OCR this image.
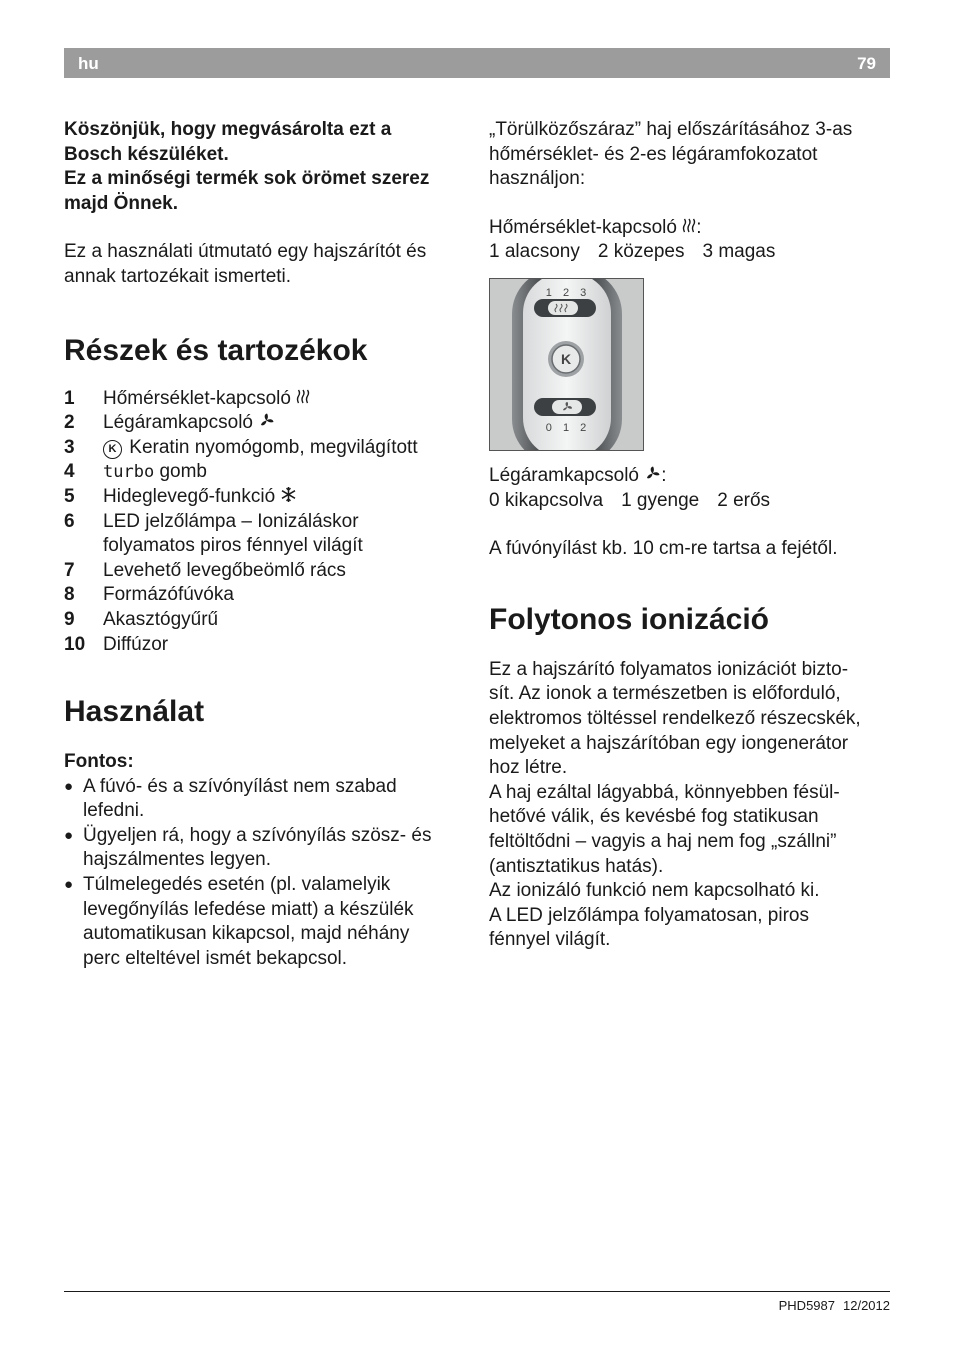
hu	79

Köszönjük, hogy megvásárolta ezt a

Bosch készüléket.

Ez a minőségi termék sok örömet szerez

majd Önnek.

Ez a használati útmutató egy hajszárítót és

annak tartozékait ismerteti.

Részek és tartozékok
1 Hőmérséklet-kapcsoló
2 Légáramkapcsoló
3	K Keratin nyomógomb, megvilágított
4 turbo gomb
5 Hideglevegő-funkció
6 LED jelzőlámpa – Ionizáláskor
folyamatos piros fénnyel világít
7 Levehető levegőbeömlő rács
8 Formázófúvóka
9 Akasztógyűrű
10 Diffúzor
Használat

Fontos:

● A fúvó- és a szívónyílást nem szabad
lefedni.
● Ügyeljen rá, hogy a szívónyílás szösz- és
hajszálmentes legyen.
● Túlmelegedés esetén (pl. valamelyik
levegőnyílás lefedése miatt) a készülék
automatikusan kikapcsol, majd néhány
perc elteltével ismét bekapcsol.

„Törülközőszáraz” haj előszárításához 3-as

hőmérséklet- és 2-es légáramfokozatot

használjon:

Hőmérséklet-kapcsoló :

1 alacsony 2 közepes 3 magas

1 2 3
K
0 1 2

Légáramkapcsoló :

0 kikapcsolva 1 gyenge 2 erős

A fúvónyílást kb. 10 cm-re tartsa a fejétől.

Folytonos ionizáció

Ez a hajszárító folyamatos ionizációt bizto-

sít. Az ionok a természetben is előforduló,

elektromos töltéssel rendelkező részecskék,

melyeket a hajszárítóban egy iongenerátor

hoz létre.

A haj ezáltal lágyabbá, könnyebben fésül-

hetővé válik, és kevésbé fog statikusan

feltöltődni – vagyis a haj nem fog „szállni”

(antisztatikus hatás).

Az ionizáló funkció nem kapcsolható ki.

A LED jelzőlámpa folyamatosan, piros

fénnyel világít.

PHD5987 12/2012
